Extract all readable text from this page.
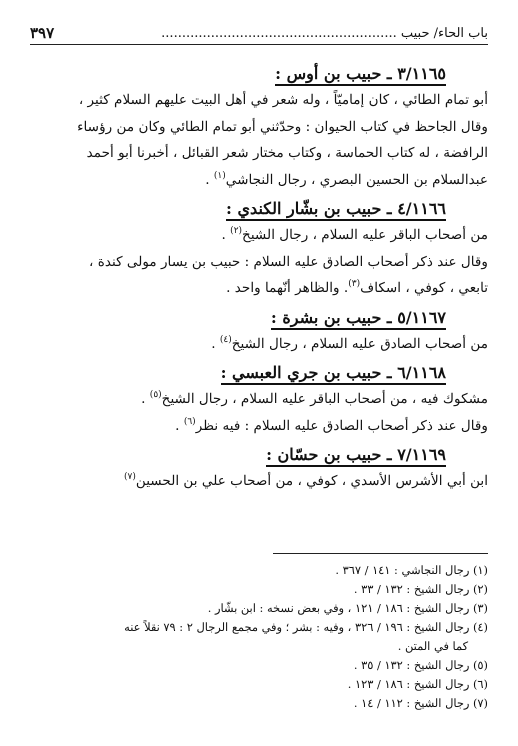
باب الحاء/ حبيب .........................................................
٣٩٧
٣/١١٦٥ ـ حبيب بن أوس :

أبو تمام الطائي ، كان إماميّاً ، وله شعر في أهل البيت عليهم السلام كثير ،

وقال الجاحظ في كتاب الحيوان : وحدّثني أبو تمام الطائي وكان من رؤساء

الرافضة ، له كتاب الحماسة ، وكتاب مختار شعر القبائل ، أخبرنا أبو أحمد

عبدالسلام بن الحسين البصري ، رجال النجاشي$^{(١)}$ .

٤/١١٦٦ ـ حبيب بن بشّار الكندي :

من أصحاب الباقر عليه السلام ، رجال الشيخ$^{(٢)}$ .

وقال عند ذكر أصحاب الصادق عليه السلام : حبيب بن يسار مولى كندة ،

تابعي ، كوفي ، اسكاف$^{(٣)}$. والظاهر أنّهما واحد .

٥/١١٦٧ ـ حبيب بن بشرة :

من أصحاب الصادق عليه السلام ، رجال الشيخ$^{(٤)}$ .

٦/١١٦٨ ـ حبيب بن جري العبسي :

مشكوك فيه ، من أصحاب الباقر عليه السلام ، رجال الشيخ$^{(٥)}$ .

وقال عند ذكر أصحاب الصادق عليه السلام : فيه نظر$^{(٦)}$ .

٧/١١٦٩ ـ حبيب بن حسّان :

ابن أبي الأشرس الأسدي ، كوفي ، من أصحاب علي بن الحسين$^{(٧)}$

(١) رجال النجاشي : ١٤١ / ٣٦٧ .
(٢) رجال الشيخ : ١٣٢ / ٣٣ .
(٣) رجال الشيخ : ١٨٦ / ١٢١ ، وفي بعض نسخه : ابن بشّار .
(٤) رجال الشيخ : ١٩٦ / ٣٢٦ ، وفيه : بشر ؛ وفي مجمع الرجال ٢ : ٧٩ نقلاً عنه
كما في المتن .
(٥) رجال الشيخ : ١٣٢ / ٣٥ .
(٦) رجال الشيخ : ١٨٦ / ١٢٣ .
(٧) رجال الشيخ : ١١٢ / ١٤ .
